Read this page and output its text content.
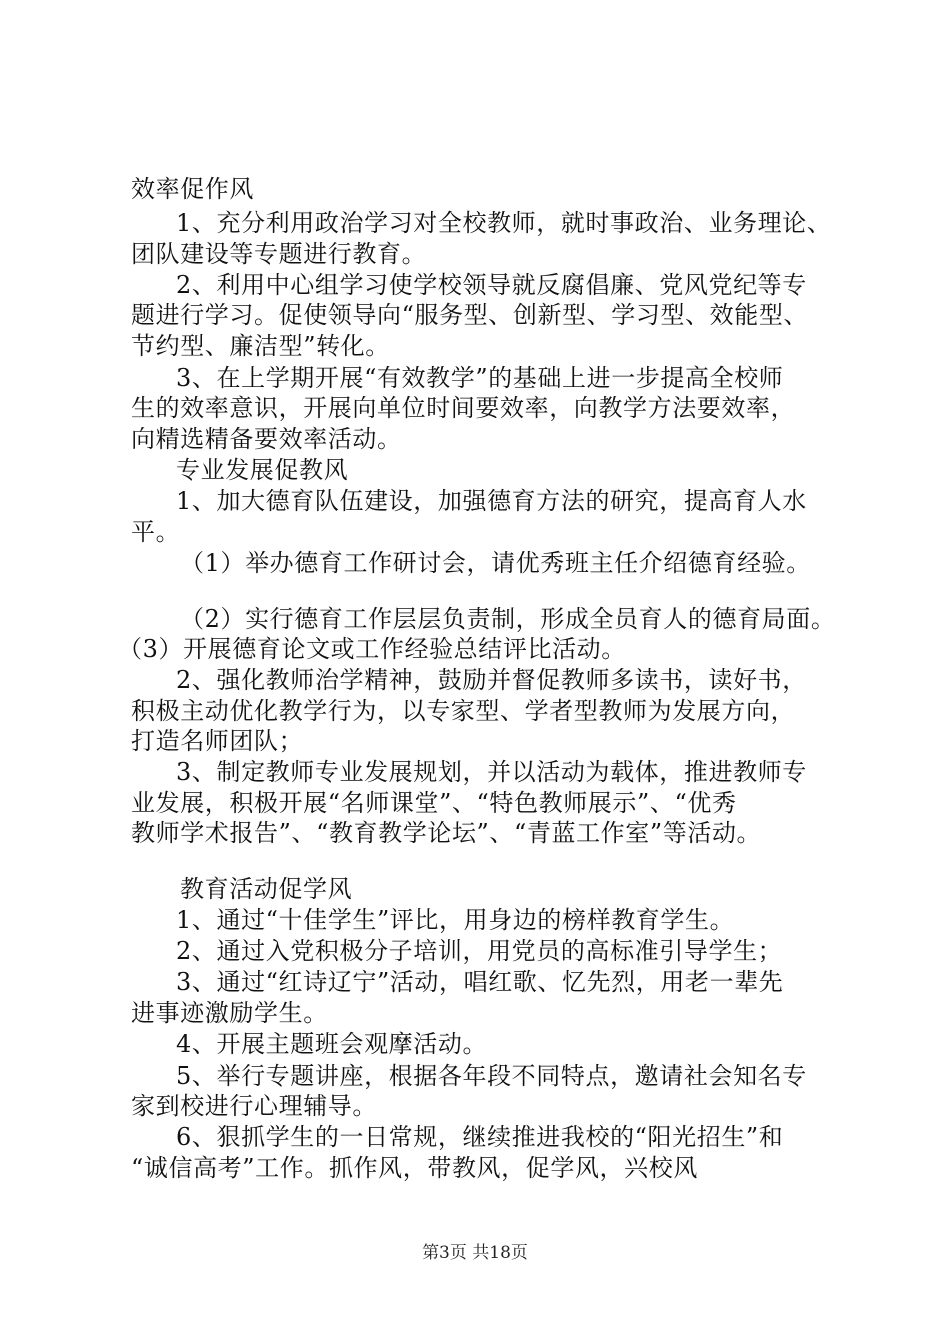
效率促作风
1、充分利用政治学习对全校教师，就时事政治、业务理论、
团队建设等专题进行教育。
2、利用中心组学习使学校领导就反腐倡廉、党风党纪等专
题进行学习。促使领导向“服务型、创新型、学习型、效能型、
节约型、廉洁型”转化。
3、在上学期开展“有效教学”的基础上进一步提高全校师
生的效率意识，开展向单位时间要效率，向教学方法要效率，
向精选精备要效率活动。
专业发展促教风
1、加大德育队伍建设，加强德育方法的研究，提高育人水
平。
（1）举办德育工作研讨会，请优秀班主任介绍德育经验。
（2）实行德育工作层层负责制，形成全员育人的德育局面。
（3）开展德育论文或工作经验总结评比活动。
2、强化教师治学精神，鼓励并督促教师多读书，读好书，
积极主动优化教学行为，以专家型、学者型教师为发展方向，
打造名师团队；
3、制定教师专业发展规划，并以活动为载体，推进教师专
业发展，积极开展“名师课堂”、“特色教师展示”、“优秀
教师学术报告”、“教育教学论坛”、“青蓝工作室”等活动。
教育活动促学风
1、通过“十佳学生”评比，用身边的榜样教育学生。
2、通过入党积极分子培训，用党员的高标准引导学生；
3、通过“红诗辽宁”活动，唱红歌、忆先烈，用老一辈先
进事迹激励学生。
4、开展主题班会观摩活动。
5、举行专题讲座，根据各年段不同特点，邀请社会知名专
家到校进行心理辅导。
6、狠抓学生的一日常规，继续推进我校的“阳光招生”和
“诚信高考”工作。抓作风，带教风，促学风，兴校风
第3页 共18页
